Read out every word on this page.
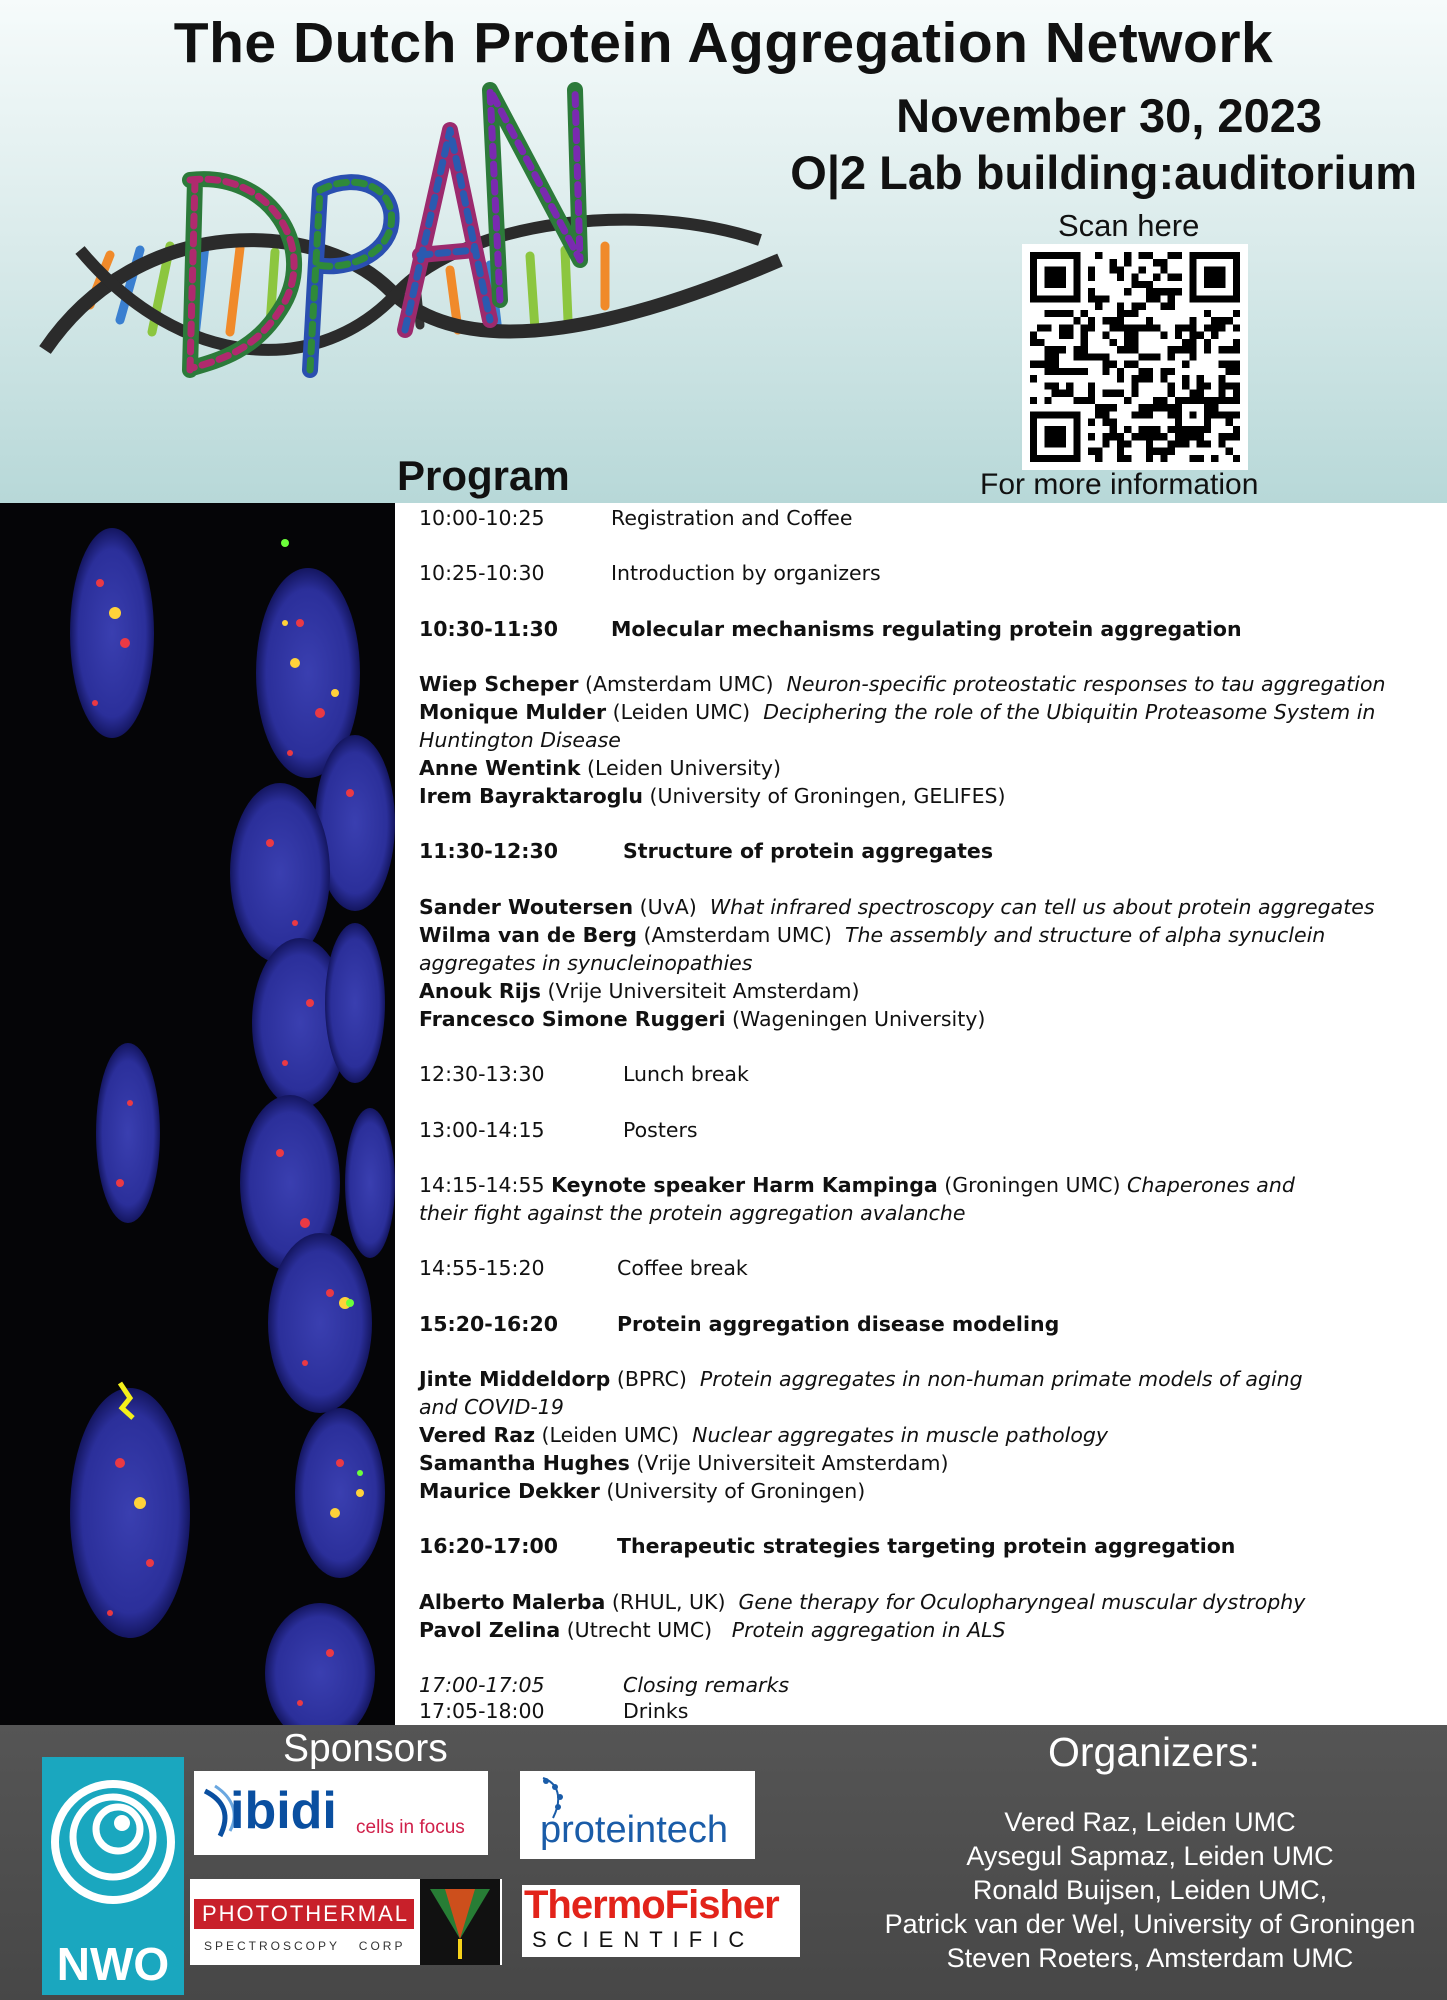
The Dutch Protein Aggregation Network
November 30, 2023
O|2 Lab building:auditorium
Scan here
For more information
Program
10:00-10:25	Registration and Coffee
10:25-10:30	Introduction by organizers
10:30-11:30	Molecular mechanisms regulating protein aggregation
Wiep Scheper (Amsterdam UMC) Neuron-specific proteostatic responses to tau aggregation
Monique Mulder (Leiden UMC) Deciphering the role of the Ubiquitin Proteasome System in
Huntington Disease
Anne Wentink (Leiden University)
Irem Bayraktaroglu (University of Groningen, GELIFES)
11:30-12:30	Structure of protein aggregates
Sander Woutersen (UvA) What infrared spectroscopy can tell us about protein aggregates
Wilma van de Berg (Amsterdam UMC) The assembly and structure of alpha synuclein
aggregates in synucleinopathies
Anouk Rijs (Vrije Universiteit Amsterdam)
Francesco Simone Ruggeri (Wageningen University)
12:30-13:30	Lunch break
13:00-14:15	Posters
14:15-14:55 Keynote speaker Harm Kampinga (Groningen UMC) Chaperones and
their fight against the protein aggregation avalanche
14:55-15:20	Coffee break
15:20-16:20	Protein aggregation disease modeling
Jinte Middeldorp (BPRC) Protein aggregates in non-human primate models of aging
and COVID-19
Vered Raz (Leiden UMC) Nuclear aggregates in muscle pathology
Samantha Hughes (Vrije Universiteit Amsterdam)
Maurice Dekker (University of Groningen)
16:20-17:00	Therapeutic strategies targeting protein aggregation
Alberto Malerba (RHUL, UK) Gene therapy for Oculopharyngeal muscular dystrophy
Pavol Zelina (Utrecht UMC) Protein aggregation in ALS
17:00-17:05	Closing remarks
17:05-18:00	Drinks
Sponsors
NWO
ibidi cells in focus proteintech
PHOTOTHERMAL
SPECTROSCOPY   CORP
ThermoFisher
SCIENTIFIC
Organizers:
Vered Raz, Leiden UMC
Aysegul Sapmaz, Leiden UMC
Ronald Buijsen, Leiden UMC,
Patrick van der Wel, University of Groningen
Steven Roeters, Amsterdam UMC
